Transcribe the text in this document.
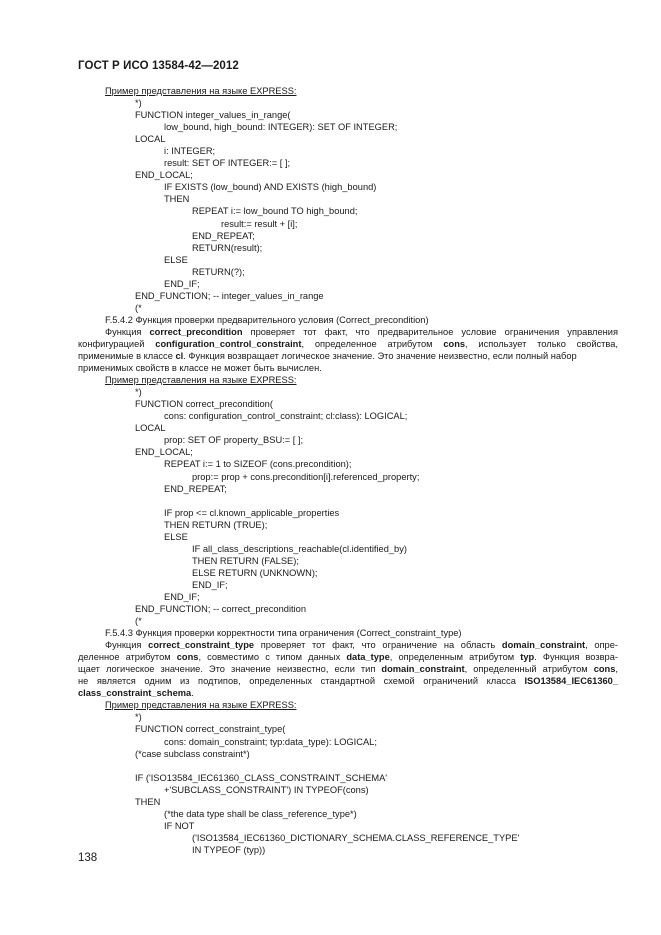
ГОСТ Р ИСО 13584-42—2012
Пример представления на языке EXPRESS:
*)
FUNCTION integer_values_in_range(
low_bound, high_bound: INTEGER): SET OF INTEGER;
LOCAL
i: INTEGER;
result: SET OF INTEGER:= [ ];
END_LOCAL;
IF EXISTS (low_bound) AND EXISTS (high_bound)
THEN
REPEAT i:= low_bound TO high_bound;
result:= result + [i];
END_REPEAT;
RETURN(result);
ELSE
RETURN(?);
END_IF;
END_FUNCTION; -- integer_values_in_range
(*
F.5.4.2 Функция проверки предварительного условия (Correct_precondition)
Функция correct_precondition проверяет тот факт, что предварительное условие ограничения управления
конфигурацией configuration_control_constraint, определенное атрибутом cons, использует только свойства,
применимые в классе cl. Функция возвращает логическое значение. Это значение неизвестно, если полный набор
применимых свойств в классе не может быть вычислен.
Пример представления на языке EXPRESS:
*)
FUNCTION correct_precondition(
cons: configuration_control_constraint; cl:class): LOGICAL;
LOCAL
prop: SET OF property_BSU:= [ ];
END_LOCAL;
REPEAT i:= 1 to SIZEOF (cons.precondition);
prop:= prop + cons.precondition[i].referenced_property;
END_REPEAT;
IF prop <= cl.known_applicable_properties
THEN RETURN (TRUE);
ELSE
IF all_class_descriptions_reachable(cl.identified_by)
THEN RETURN (FALSE);
ELSE RETURN (UNKNOWN);
END_IF;
END_IF;
END_FUNCTION; -- correct_precondition
(*
F.5.4.3 Функция проверки корректности типа ограничения (Correct_constraint_type)
Функция correct_constraint_type проверяет тот факт, что ограничение на область domain_constraint, опре-
деленное атрибутом cons, совместимо с типом данных data_type, определенным атрибутом typ. Функция возвра-
щает логическое значение. Это значение неизвестно, если тип domain_constraint, определенный атрибутом cons,
не является одним из подтипов, определенных стандартной схемой ограничений класса ISO13584_IEC61360_
class_constraint_schema.
Пример представления на языке EXPRESS:
*)
FUNCTION correct_constraint_type(
cons: domain_constraint; typ:data_type): LOGICAL;
(*case subclass constraint*)
IF ('ISO13584_IEC61360_CLASS_CONSTRAINT_SCHEMA'
+'SUBCLASS_CONSTRAINT') IN TYPEOF(cons)
THEN
(*the data type shall be class_reference_type*)
IF NOT
('ISO13584_IEC61360_DICTIONARY_SCHEMA.CLASS_REFERENCE_TYPE'
IN TYPEOF (typ))
138
